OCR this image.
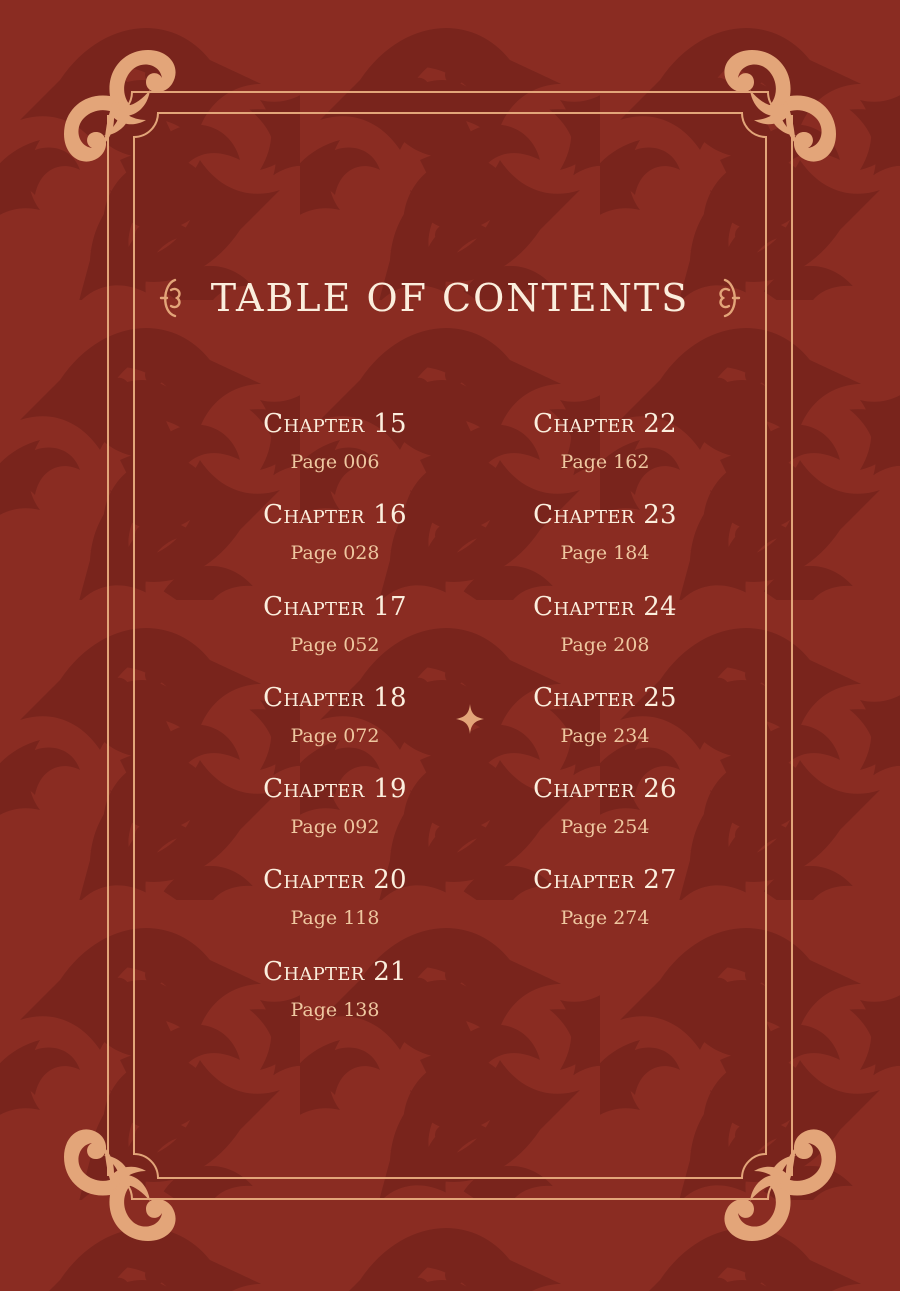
TABLE OF CONTENTS
Chapter 15
Page 006
Chapter 16
Page 028
Chapter 17
Page 052
Chapter 18
Page 072
Chapter 19
Page 092
Chapter 20
Page 118
Chapter 21
Page 138
Chapter 22
Page 162
Chapter 23
Page 184
Chapter 24
Page 208
Chapter 25
Page 234
Chapter 26
Page 254
Chapter 27
Page 274
